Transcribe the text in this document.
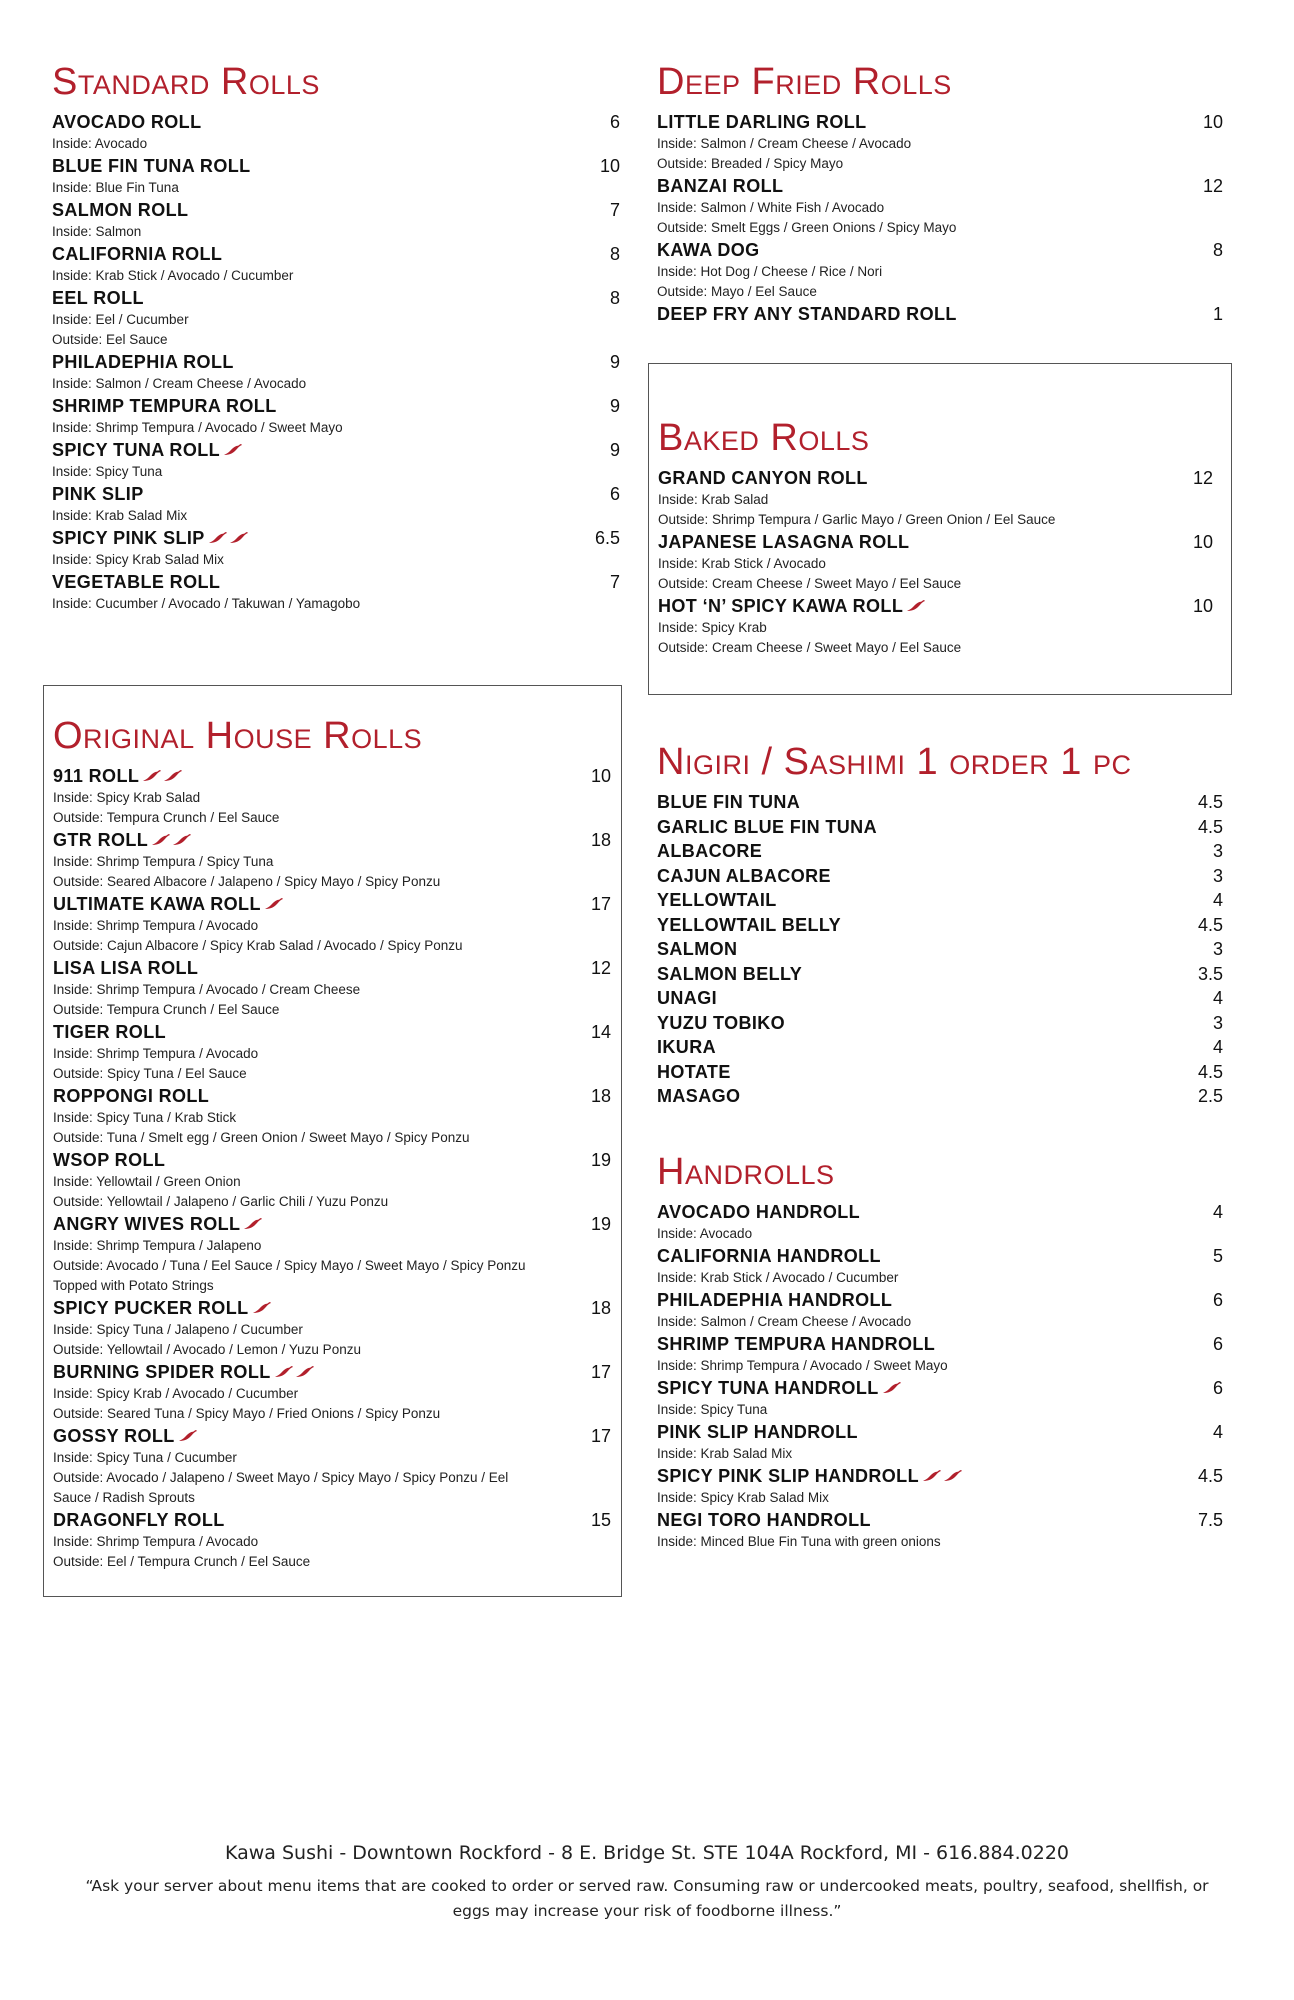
Standard Rolls
AVOCADO ROLL	6
Inside: Avocado
BLUE FIN TUNA ROLL	10
Inside: Blue Fin Tuna
SALMON ROLL	7
Inside: Salmon
CALIFORNIA ROLL	8
Inside: Krab Stick / Avocado / Cucumber
EEL ROLL	8
Inside: Eel / Cucumber
Outside: Eel Sauce
PHILADEPHIA ROLL	9
Inside: Salmon / Cream Cheese / Avocado
SHRIMP TEMPURA ROLL	9
Inside: Shrimp Tempura / Avocado / Sweet Mayo
SPICY TUNA ROLL	9
Inside: Spicy Tuna
PINK SLIP	6
Inside: Krab Salad Mix
SPICY PINK SLIP	6.5
Inside: Spicy Krab Salad Mix
VEGETABLE ROLL	7
Inside: Cucumber / Avocado / Takuwan / Yamagobo
Deep Fried Rolls
LITTLE DARLING ROLL	10
Inside: Salmon / Cream Cheese / Avocado
Outside: Breaded / Spicy Mayo
BANZAI ROLL	12
Inside: Salmon / White Fish / Avocado
Outside: Smelt Eggs / Green Onions / Spicy Mayo
KAWA DOG	8
Inside: Hot Dog / Cheese / Rice / Nori
Outside: Mayo / Eel Sauce
DEEP FRY ANY STANDARD ROLL	1
Baked Rolls
GRAND CANYON ROLL	12
Inside: Krab Salad
Outside: Shrimp Tempura / Garlic Mayo / Green Onion / Eel Sauce
JAPANESE LASAGNA ROLL	10
Inside: Krab Stick / Avocado
Outside: Cream Cheese / Sweet Mayo / Eel Sauce
HOT ‘N’ SPICY KAWA ROLL	10
Inside: Spicy Krab
Outside: Cream Cheese / Sweet Mayo / Eel Sauce
Original House Rolls
911 ROLL	10
Inside: Spicy Krab Salad
Outside: Tempura Crunch / Eel Sauce
GTR ROLL	18
Inside: Shrimp Tempura / Spicy Tuna
Outside: Seared Albacore / Jalapeno / Spicy Mayo / Spicy Ponzu
ULTIMATE KAWA ROLL	17
Inside: Shrimp Tempura / Avocado
Outside: Cajun Albacore / Spicy Krab Salad / Avocado / Spicy Ponzu
LISA LISA ROLL	12
Inside: Shrimp Tempura / Avocado / Cream Cheese
Outside: Tempura Crunch / Eel Sauce
TIGER ROLL	14
Inside: Shrimp Tempura / Avocado
Outside: Spicy Tuna / Eel Sauce
ROPPONGI ROLL	18
Inside: Spicy Tuna / Krab Stick
Outside: Tuna / Smelt egg / Green Onion / Sweet Mayo / Spicy Ponzu
WSOP ROLL	19
Inside: Yellowtail / Green Onion
Outside: Yellowtail / Jalapeno / Garlic Chili / Yuzu Ponzu
ANGRY WIVES ROLL	19
Inside: Shrimp Tempura / Jalapeno
Outside: Avocado / Tuna / Eel Sauce / Spicy Mayo / Sweet Mayo / Spicy Ponzu
Topped with Potato Strings
SPICY PUCKER ROLL	18
Inside: Spicy Tuna / Jalapeno / Cucumber
Outside: Yellowtail / Avocado / Lemon / Yuzu Ponzu
BURNING SPIDER ROLL	17
Inside: Spicy Krab / Avocado / Cucumber
Outside: Seared Tuna / Spicy Mayo / Fried Onions / Spicy Ponzu
GOSSY ROLL	17
Inside: Spicy Tuna / Cucumber
Outside: Avocado / Jalapeno / Sweet Mayo / Spicy Mayo / Spicy Ponzu / Eel
Sauce / Radish Sprouts
DRAGONFLY ROLL	15
Inside: Shrimp Tempura / Avocado
Outside: Eel / Tempura Crunch / Eel Sauce
Nigiri / Sashimi 1 order 1 pc
BLUE FIN TUNA	4.5
GARLIC BLUE FIN TUNA	4.5
ALBACORE	3
CAJUN ALBACORE	3
YELLOWTAIL	4
YELLOWTAIL BELLY	4.5
SALMON	3
SALMON BELLY	3.5
UNAGI	4
YUZU TOBIKO	3
IKURA	4
HOTATE	4.5
MASAGO	2.5
Handrolls
AVOCADO HANDROLL	4
Inside: Avocado
CALIFORNIA HANDROLL	5
Inside: Krab Stick / Avocado / Cucumber
PHILADEPHIA HANDROLL	6
Inside: Salmon / Cream Cheese / Avocado
SHRIMP TEMPURA HANDROLL	6
Inside: Shrimp Tempura / Avocado / Sweet Mayo
SPICY TUNA HANDROLL	6
Inside: Spicy Tuna
PINK SLIP HANDROLL	4
Inside: Krab Salad Mix
SPICY PINK SLIP HANDROLL	4.5
Inside: Spicy Krab Salad Mix
NEGI TORO HANDROLL	7.5
Inside: Minced Blue Fin Tuna with green onions
Kawa Sushi - Downtown Rockford - 8 E. Bridge St. STE 104A Rockford, MI - 616.884.0220
“Ask your server about menu items that are cooked to order or served raw. Consuming raw or undercooked meats, poultry, seafood, shellfish, or eggs may increase your risk of foodborne illness.”
